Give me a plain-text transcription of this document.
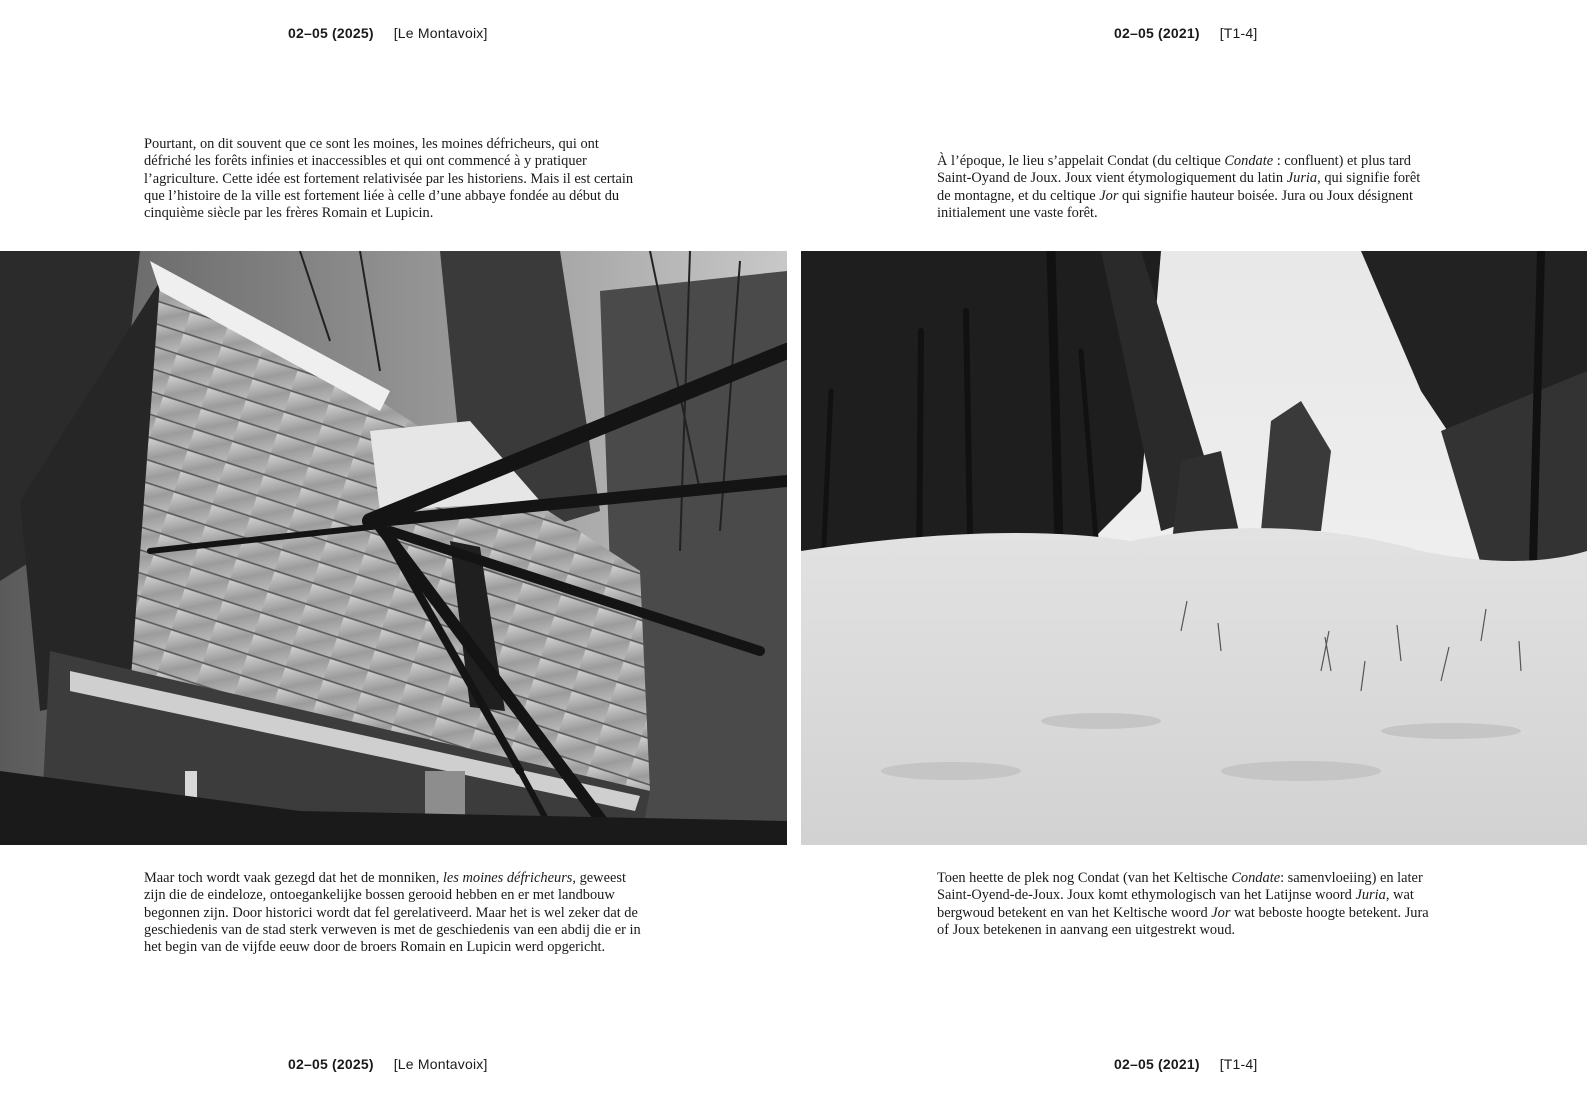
02–05 (2025) [Le Montavoix]

Pourtant, on dit souvent que ce sont les moines, les moines défricheurs, qui ont défriché les forêts infinies et inaccessibles et qui ont commencé à y pratiquer l’agriculture. Cette idée est fortement relativisée par les historiens. Mais il est certain que l’histoire de la ville est fortement liée à celle d’une abbaye fondée au début du cinquième siècle par les frères Romain et Lupicin.

Maar toch wordt vaak gezegd dat het de monniken, les moines défricheurs, geweest zijn die de eindeloze, ontoegankelijke bossen gerooid hebben en er met landbouw begonnen zijn. Door historici wordt dat fel gerelativeerd. Maar het is wel zeker dat de geschiedenis van de stad sterk verweven is met de geschiedenis van een abdij die er in het begin van de vijfde eeuw door de broers Romain en Lupicin werd opgericht.

02–05 (2025) [Le Montavoix]
02–05 (2021) [T1-4]

À l’époque, le lieu s’appelait Condat (du celtique Condate : confluent) et plus tard Saint-Oyand de Joux. Joux vient étymologiquement du latin Juria, qui signifie forêt de montagne, et du celtique Jor qui signifie hauteur boisée. Jura ou Joux désignent initialement une vaste forêt.

Toen heette de plek nog Condat (van het Keltische Condate: samenvloeiing) en later Saint-Oyend-de-Joux. Joux komt ethymologisch van het Latijnse woord Juria, wat bergwoud betekent en van het Keltische woord Jor wat beboste hoogte betekent. Jura of Joux betekenen in aanvang een uitgestrekt woud.

02–05 (2021) [T1-4]
